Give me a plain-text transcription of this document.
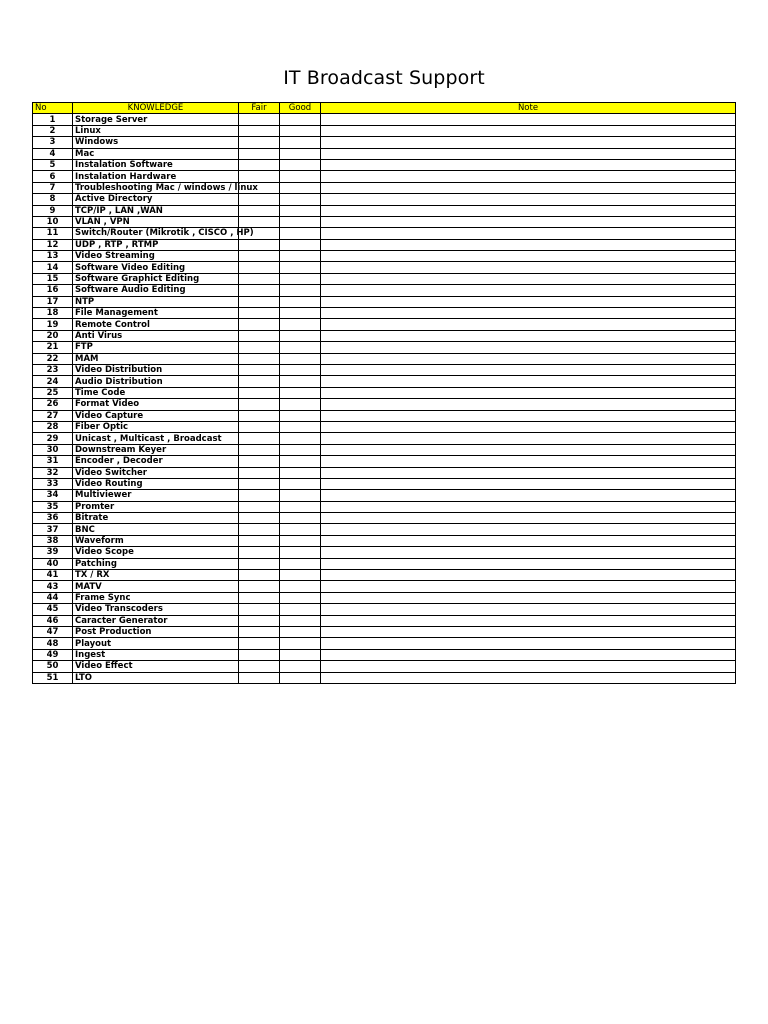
IT Broadcast Support
No	KNOWLEDGE	Fair	Good	Note
1	Storage Server			
2	Linux			
3	Windows			
4	Mac			
5	Instalation Software			
6	Instalation Hardware			
7	Troubleshooting Mac / windows / linux			
8	Active Directory			
9	TCP/IP , LAN ,WAN			
10	VLAN , VPN			
11	Switch/Router (Mikrotik , CISCO , HP)			
12	UDP , RTP , RTMP			
13	Video Streaming			
14	Software Video Editing			
15	Software Graphict Editing			
16	Software Audio Editing			
17	NTP			
18	File Management			
19	Remote Control			
20	Anti Virus			
21	FTP			
22	MAM			
23	Video Distribution			
24	Audio Distribution			
25	Time Code			
26	Format Video			
27	Video Capture			
28	Fiber Optic			
29	Unicast , Multicast , Broadcast			
30	Downstream Keyer			
31	Encoder , Decoder			
32	Video Switcher			
33	Video Routing			
34	Multiviewer			
35	Promter			
36	Bitrate			
37	BNC			
38	Waveform			
39	Video Scope			
40	Patching			
41	TX / RX			
43	MATV			
44	Frame Sync			
45	Video Transcoders			
46	Caracter Generator			
47	Post Production			
48	Playout			
49	Ingest			
50	Video Effect			
51	LTO			
